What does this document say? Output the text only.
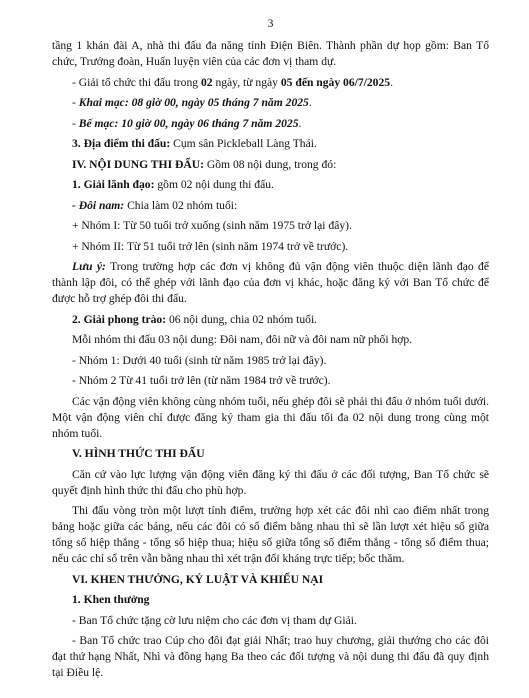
3

tầng 1 khán đài A, nhà thi đấu đa năng tỉnh Điện Biên. Thành phần dự họp gồm: Ban Tổ chức, Trưởng đoàn, Huấn luyện viên của các đơn vị tham dự.

- Giải tổ chức thi đấu trong 02 ngày, từ ngày 05 đến ngày 06/7/2025.

- Khai mạc: 08 giờ 00, ngày 05 tháng 7 năm 2025.

- Bế mạc: 10 giờ 00, ngày 06 tháng 7 năm 2025.

3. Địa điểm thi đấu: Cụm sân Pickleball Làng Thái.

IV. NỘI DUNG THI ĐẤU: Gồm 08 nội dung, trong đó:

1. Giải lãnh đạo: gồm 02 nội dung thi đấu.

- Đôi nam: Chia làm 02 nhóm tuổi:

+ Nhóm I: Từ 50 tuổi trở xuống (sinh năm 1975 trở lại đây).

+ Nhóm II: Từ 51 tuổi trở lên (sinh năm 1974 trở về trước).

Lưu ý: Trong trường hợp các đơn vị không đủ vận động viên thuộc diện lãnh đạo để thành lập đôi, có thể ghép với lãnh đạo của đơn vị khác, hoặc đăng ký với Ban Tổ chức để được hỗ trợ ghép đôi thi đấu.

2. Giải phong trào: 06 nội dung, chia 02 nhóm tuổi.

Mỗi nhóm thi đấu 03 nội dung: Đôi nam, đôi nữ và đôi nam nữ phối hợp.

- Nhóm 1: Dưới 40 tuổi (sinh từ năm 1985 trở lại đây).

- Nhóm 2 Từ 41 tuổi trở lên (từ năm 1984 trở về trước).

Các vận động viên không cùng nhóm tuổi, nếu ghép đôi sẽ phải thi đấu ở nhóm tuổi dưới. Một vận động viên chỉ được đăng ký tham gia thi đấu tối đa 02 nội dung trong cùng một nhóm tuổi.

V. HÌNH THỨC THI ĐẤU

Căn cứ vào lực lượng vận động viên đăng ký thi đấu ở các đối tượng, Ban Tổ chức sẽ quyết định hình thức thi đấu cho phù hợp.

Thi đấu vòng tròn một lượt tính điểm, trường hợp xét các đôi nhì cao điểm nhất trong bảng hoặc giữa các bảng, nếu các đôi có số điểm bằng nhau thì sẽ lần lượt xét hiệu số giữa tổng số hiệp thắng - tổng số hiệp thua; hiệu số giữa tổng số điểm thắng - tổng số điểm thua; nếu các chỉ số trên vẫn bằng nhau thì xét trận đối kháng trực tiếp; bốc thăm.

VI. KHEN THƯỞNG, KỶ LUẬT VÀ KHIẾU NẠI

1. Khen thưởng

- Ban Tổ chức tặng cờ lưu niệm cho các đơn vị tham dự Giải.

- Ban Tổ chức trao Cúp cho đôi đạt giải Nhất; trao huy chương, giải thưởng cho các đôi đạt thứ hạng Nhất, Nhì và đồng hạng Ba theo các đối tượng và nội dung thi đấu đã quy định tại Điều lệ.
